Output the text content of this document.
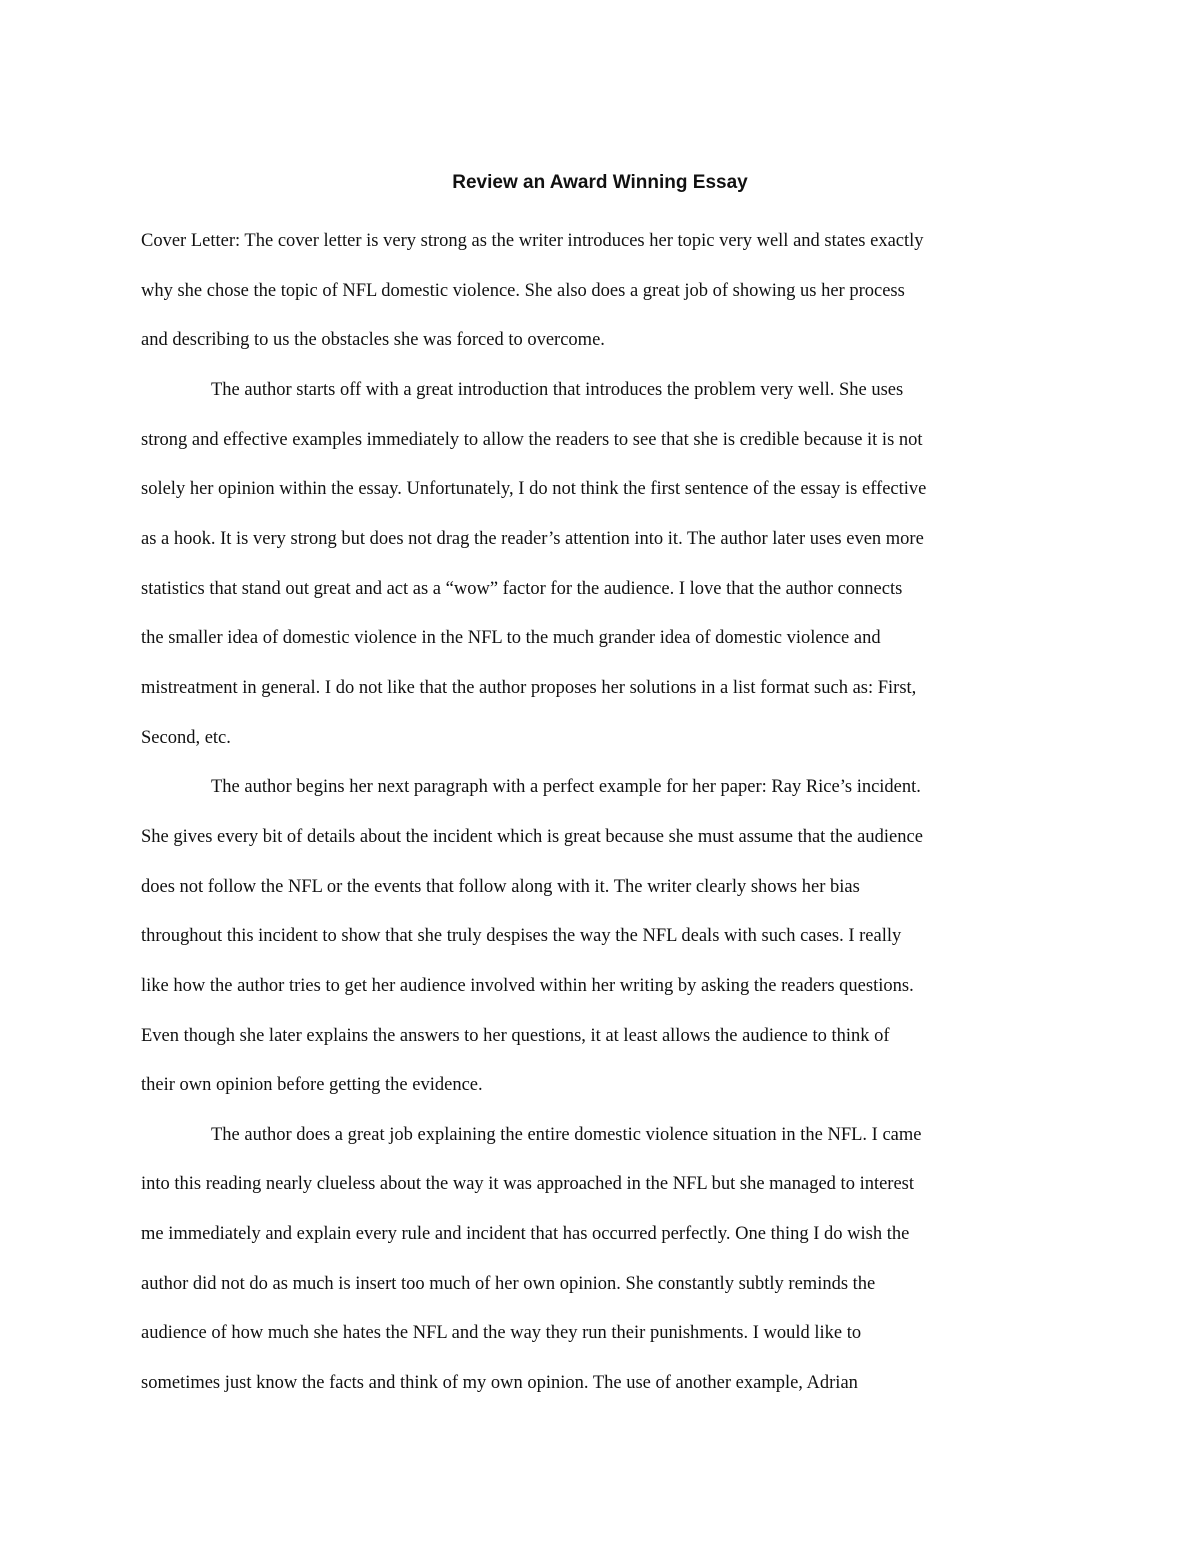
Review an Award Winning Essay
Cover Letter: The cover letter is very strong as the writer introduces her topic very well and states exactly
why she chose the topic of NFL domestic violence. She also does a great job of showing us her process
and describing to us the obstacles she was forced to overcome.
The author starts off with a great introduction that introduces the problem very well. She uses
strong and effective examples immediately to allow the readers to see that she is credible because it is not
solely her opinion within the essay. Unfortunately, I do not think the first sentence of the essay is effective
as a hook. It is very strong but does not drag the reader’s attention into it. The author later uses even more
statistics that stand out great and act as a “wow” factor for the audience. I love that the author connects
the smaller idea of domestic violence in the NFL to the much grander idea of domestic violence and
mistreatment in general. I do not like that the author proposes her solutions in a list format such as: First,
Second, etc.
The author begins her next paragraph with a perfect example for her paper: Ray Rice’s incident.
She gives every bit of details about the incident which is great because she must assume that the audience
does not follow the NFL or the events that follow along with it. The writer clearly shows her bias
throughout this incident to show that she truly despises the way the NFL deals with such cases. I really
like how the author tries to get her audience involved within her writing by asking the readers questions.
Even though she later explains the answers to her questions, it at least allows the audience to think of
their own opinion before getting the evidence.
The author does a great job explaining the entire domestic violence situation in the NFL. I came
into this reading nearly clueless about the way it was approached in the NFL but she managed to interest
me immediately and explain every rule and incident that has occurred perfectly. One thing I do wish the
author did not do as much is insert too much of her own opinion. She constantly subtly reminds the
audience of how much she hates the NFL and the way they run their punishments. I would like to
sometimes just know the facts and think of my own opinion. The use of another example, Adrian
